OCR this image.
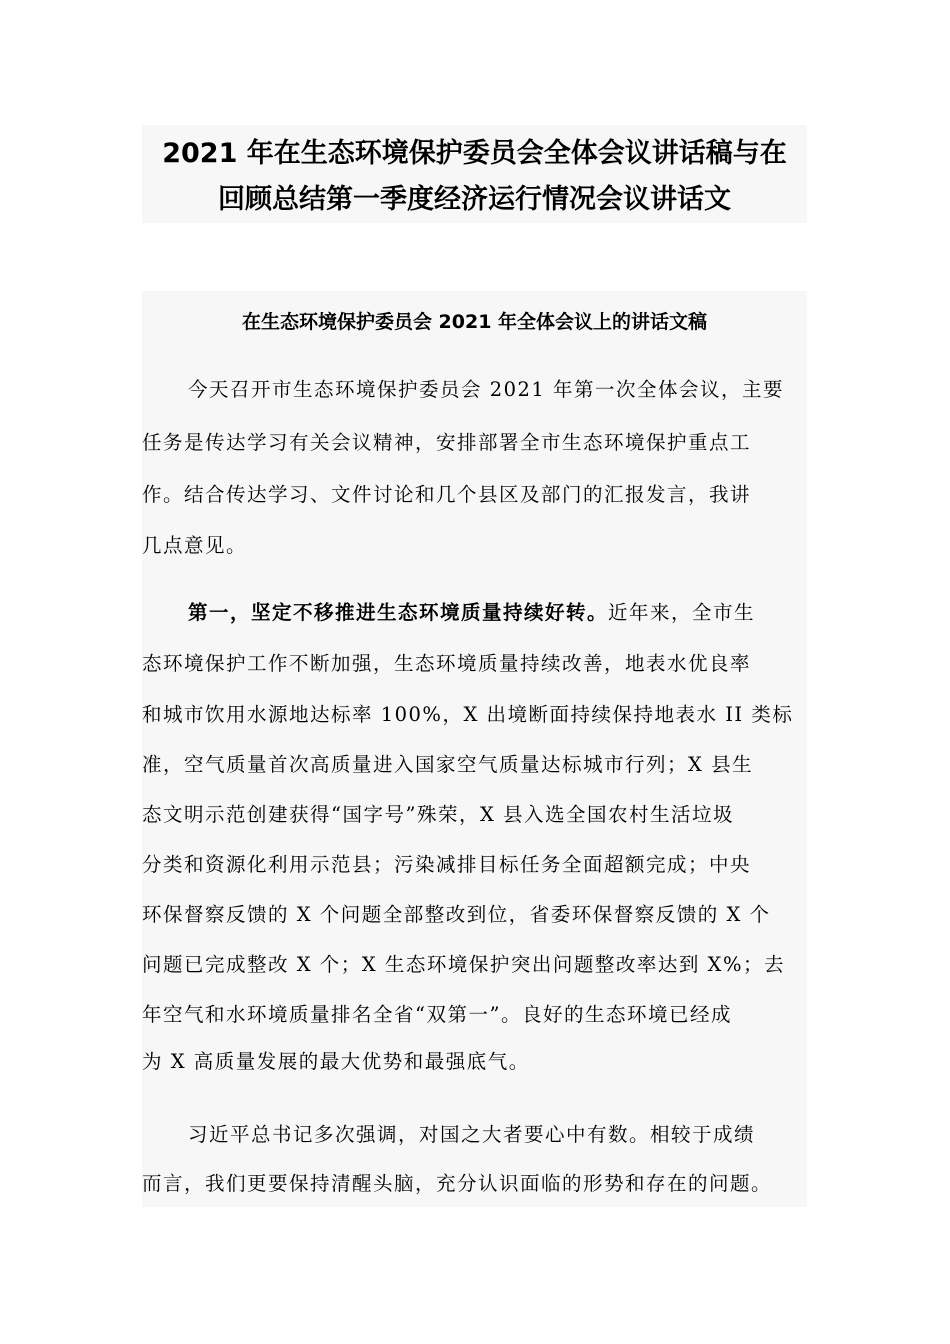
2021 年在生态环境保护委员会全体会议讲话稿与在
回顾总结第一季度经济运行情况会议讲话文
在生态环境保护委员会 2021 年全体会议上的讲话文稿
今天召开市生态环境保护委员会 2021 年第一次全体会议，主要
任务是传达学习有关会议精神，安排部署全市生态环境保护重点工
作。结合传达学习、文件讨论和几个县区及部门的汇报发言，我讲
几点意见。
第一，坚定不移推进生态环境质量持续好转。近年来，全市生
态环境保护工作不断加强，生态环境质量持续改善，地表水优良率
和城市饮用水源地达标率 100%，X 出境断面持续保持地表水 II 类标
准，空气质量首次高质量进入国家空气质量达标城市行列；X 县生
态文明示范创建获得“国字号”殊荣，X 县入选全国农村生活垃圾
分类和资源化利用示范县；污染减排目标任务全面超额完成；中央
环保督察反馈的 X 个问题全部整改到位，省委环保督察反馈的 X 个
问题已完成整改 X 个；X 生态环境保护突出问题整改率达到 X%；去
年空气和水环境质量排名全省“双第一”。良好的生态环境已经成
为 X 高质量发展的最大优势和最强底气。
习近平总书记多次强调，对国之大者要心中有数。相较于成绩
而言，我们更要保持清醒头脑，充分认识面临的形势和存在的问题。
